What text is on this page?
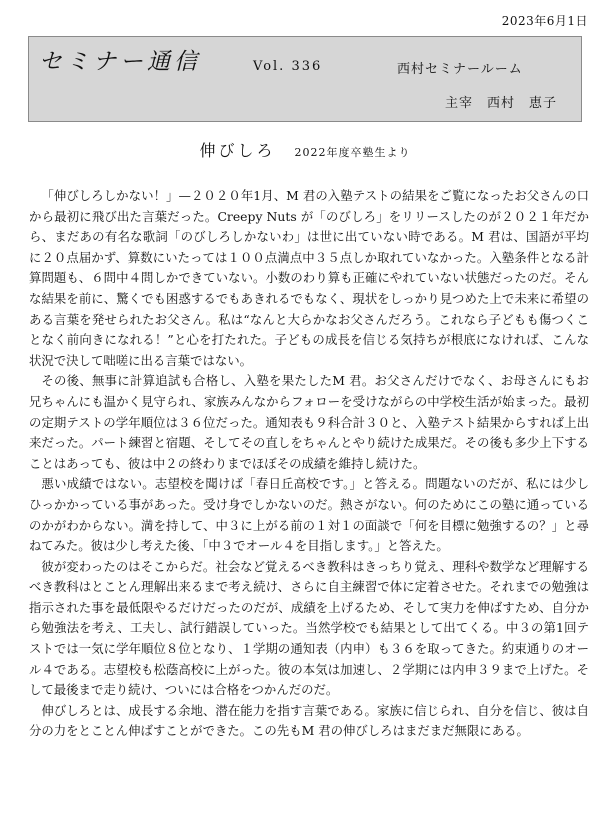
2023年6月1日
セミナー通信	Vol. 336	西村セミナールーム
主宰　西村　恵子
伸びしろ 2022年度卒塾生より

「伸びしろしかない！」—２０２０年1月、M 君の入塾テストの結果をご覧になったお父さんの口から最初に飛び出た言葉だった。Creepy Nuts が「のびしろ」をリリースしたのが２０２１年だから、まだあの有名な歌詞「のびしろしかないわ」は世に出ていない時である。M 君は、国語が平均に２０点届かず、算数にいたっては１００点満点中３５点しか取れていなかった。入塾条件となる計算問題も、６問中４問しかできていない。小数のわり算も正確にやれていない状態だったのだ。そんな結果を前に、驚くでも困惑するでもあきれるでもなく、現状をしっかり見つめた上で未来に希望のある言葉を発せられたお父さん。私は“なんと大らかなお父さんだろう。これなら子どもも傷つくことなく前向きになれる！”と心を打たれた。子どもの成長を信じる気持ちが根底になければ、こんな状況で決して咄嗟に出る言葉ではない。

その後、無事に計算追試も合格し、入塾を果たしたM 君。お父さんだけでなく、お母さんにもお兄ちゃんにも温かく見守られ、家族みんなからフォローを受けながらの中学校生活が始まった。最初の定期テストの学年順位は３６位だった。通知表も９科合計３０と、入塾テスト結果からすれば上出来だった。パート練習と宿題、そしてその直しをちゃんとやり続けた成果だ。その後も多少上下することはあっても、彼は中２の終わりまでほぼその成績を維持し続けた。

悪い成績ではない。志望校を聞けば「春日丘高校です。」と答える。問題ないのだが、私には少しひっかかっている事があった。受け身でしかないのだ。熱さがない。何のためにこの塾に通っているのかがわからない。満を持して、中３に上がる前の１対１の面談で「何を目標に勉強するの？」と尋ねてみた。彼は少し考えた後、「中３でオール４を目指します。」と答えた。

彼が変わったのはそこからだ。社会など覚えるべき教科はきっちり覚え、理科や数学など理解するべき教科はとことん理解出来るまで考え続け、さらに自主練習で体に定着させた。それまでの勉強は指示された事を最低限やるだけだったのだが、成績を上げるため、そして実力を伸ばすため、自分から勉強法を考え、工夫し、試行錯誤していった。当然学校でも結果として出てくる。中３の第1回テストでは一気に学年順位８位となり、１学期の通知表（内申）も３６を取ってきた。約束通りのオール４である。志望校も松蔭高校に上がった。彼の本気は加速し、２学期には内申３９まで上げた。そして最後まで走り続け、ついには合格をつかんだのだ。

伸びしろとは、成長する余地、潜在能力を指す言葉である。家族に信じられ、自分を信じ、彼は自分の力をとことん伸ばすことができた。この先もM 君の伸びしろはまだまだ無限にある。
